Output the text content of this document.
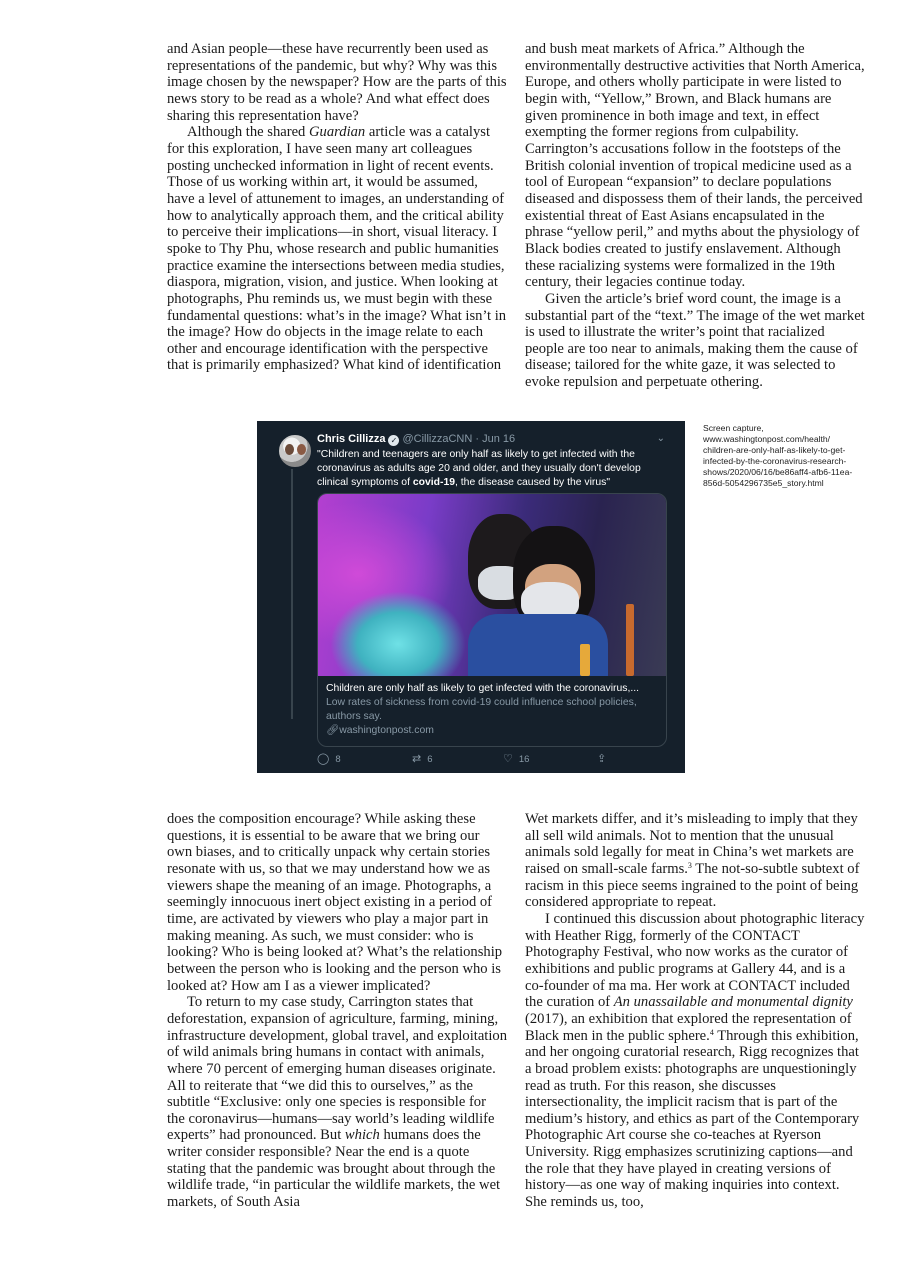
and Asian people—these have recurrently been used as representations of the pandemic, but why? Why was this image chosen by the newspaper? How are the parts of this news story to be read as a whole? And what effect does sharing this representation have?

Although the shared Guardian article was a catalyst for this exploration, I have seen many art colleagues posting unchecked information in light of recent events. Those of us working within art, it would be assumed, have a level of attunement to images, an understanding of how to analytically approach them, and the critical ability to perceive their implications—in short, visual literacy. I spoke to Thy Phu, whose research and public humanities practice examine the intersections between media studies, diaspora, migration, vision, and justice. When looking at photographs, Phu reminds us, we must begin with these fundamental questions: what’s in the image? What isn’t in the image? How do objects in the image relate to each other and encourage identification with the perspective that is primarily emphasized? What kind of identification

and bush meat markets of Africa.” Although the environmentally destructive activities that North America, Europe, and others wholly participate in were listed to begin with, “Yellow,” Brown, and Black humans are given prominence in both image and text, in effect exempting the former regions from culpability. Carrington’s accusations follow in the footsteps of the British colonial invention of tropical medicine used as a tool of European “expansion” to declare populations diseased and dispossess them of their lands, the perceived existential threat of East Asians encapsulated in the phrase “yellow peril,” and myths about the physiology of Black bodies created to justify enslavement. Although these racializing systems were formalized in the 19th century, their legacies continue today.

Given the article’s brief word count, the image is a substantial part of the “text.” The image of the wet market is used to illustrate the writer’s point that racialized people are too near to animals, making them the cause of disease; tailored for the white gaze, it was selected to evoke repulsion and perpetuate othering.

Chris Cillizza ✓ @CillizzaCNN · Jun 16	⌄
"Children and teenagers are only half as likely to get infected with the coronavirus as adults age 20 and older, and they usually don't develop clinical symptoms of covid-19, the disease caused by the virus"
Children are only half as likely to get infected with the coronavirus,...
Low rates of sickness from covid-19 could influence school policies, authors say.
🔗︎washingtonpost.com
◯ 8	⇄ 6	♡ 16	⇪
Screen capture,
www.washingtonpost.com/health/
children-are-only-half-as-likely-to-get-
infected-by-the-coronavirus-research-
shows/2020/06/16/be86aff4-afb6-11ea-
856d-5054296735e5_story.html

does the composition encourage? While asking these questions, it is essential to be aware that we bring our own biases, and to critically unpack why certain stories resonate with us, so that we may understand how we as viewers shape the meaning of an image. Photographs, a seemingly innocuous inert object existing in a period of time, are activated by viewers who play a major part in making meaning. As such, we must consider: who is looking? Who is being looked at? What’s the relationship between the person who is looking and the person who is looked at? How am I as a viewer implicated?

To return to my case study, Carrington states that deforestation, expansion of agriculture, farming, mining, infrastructure development, global travel, and exploitation of wild animals bring humans in contact with animals, where 70 percent of emerging human diseases originate. All to reiterate that “we did this to ourselves,” as the subtitle “Exclusive: only one species is responsible for the coronavirus—humans—say world’s leading wildlife experts” had pronounced. But which humans does the writer consider responsible? Near the end is a quote stating that the pandemic was brought about through the wildlife trade, “in particular the wildlife markets, the wet markets, of South Asia

Wet markets differ, and it’s misleading to imply that they all sell wild animals. Not to mention that the unusual animals sold legally for meat in China’s wet markets are raised on small-scale farms.$^3$ The not-so-subtle subtext of racism in this piece seems ingrained to the point of being considered appropriate to repeat.

I continued this discussion about photographic literacy with Heather Rigg, formerly of the CONTACT Photography Festival, who now works as the curator of exhibitions and public programs at Gallery 44, and is a co-founder of ma ma. Her work at CONTACT included the curation of An unassailable and monumental dignity (2017), an exhibition that explored the representation of Black men in the public sphere.$^4$ Through this exhibition, and her ongoing curatorial research, Rigg recognizes that a broad problem exists: photographs are unquestioningly read as truth. For this reason, she discusses intersectionality, the implicit racism that is part of the medium’s history, and ethics as part of the Contemporary Photographic Art course she co-teaches at Ryerson University. Rigg emphasizes scrutinizing captions—and the role that they have played in creating versions of history—as one way of making inquiries into context. She reminds us, too,
